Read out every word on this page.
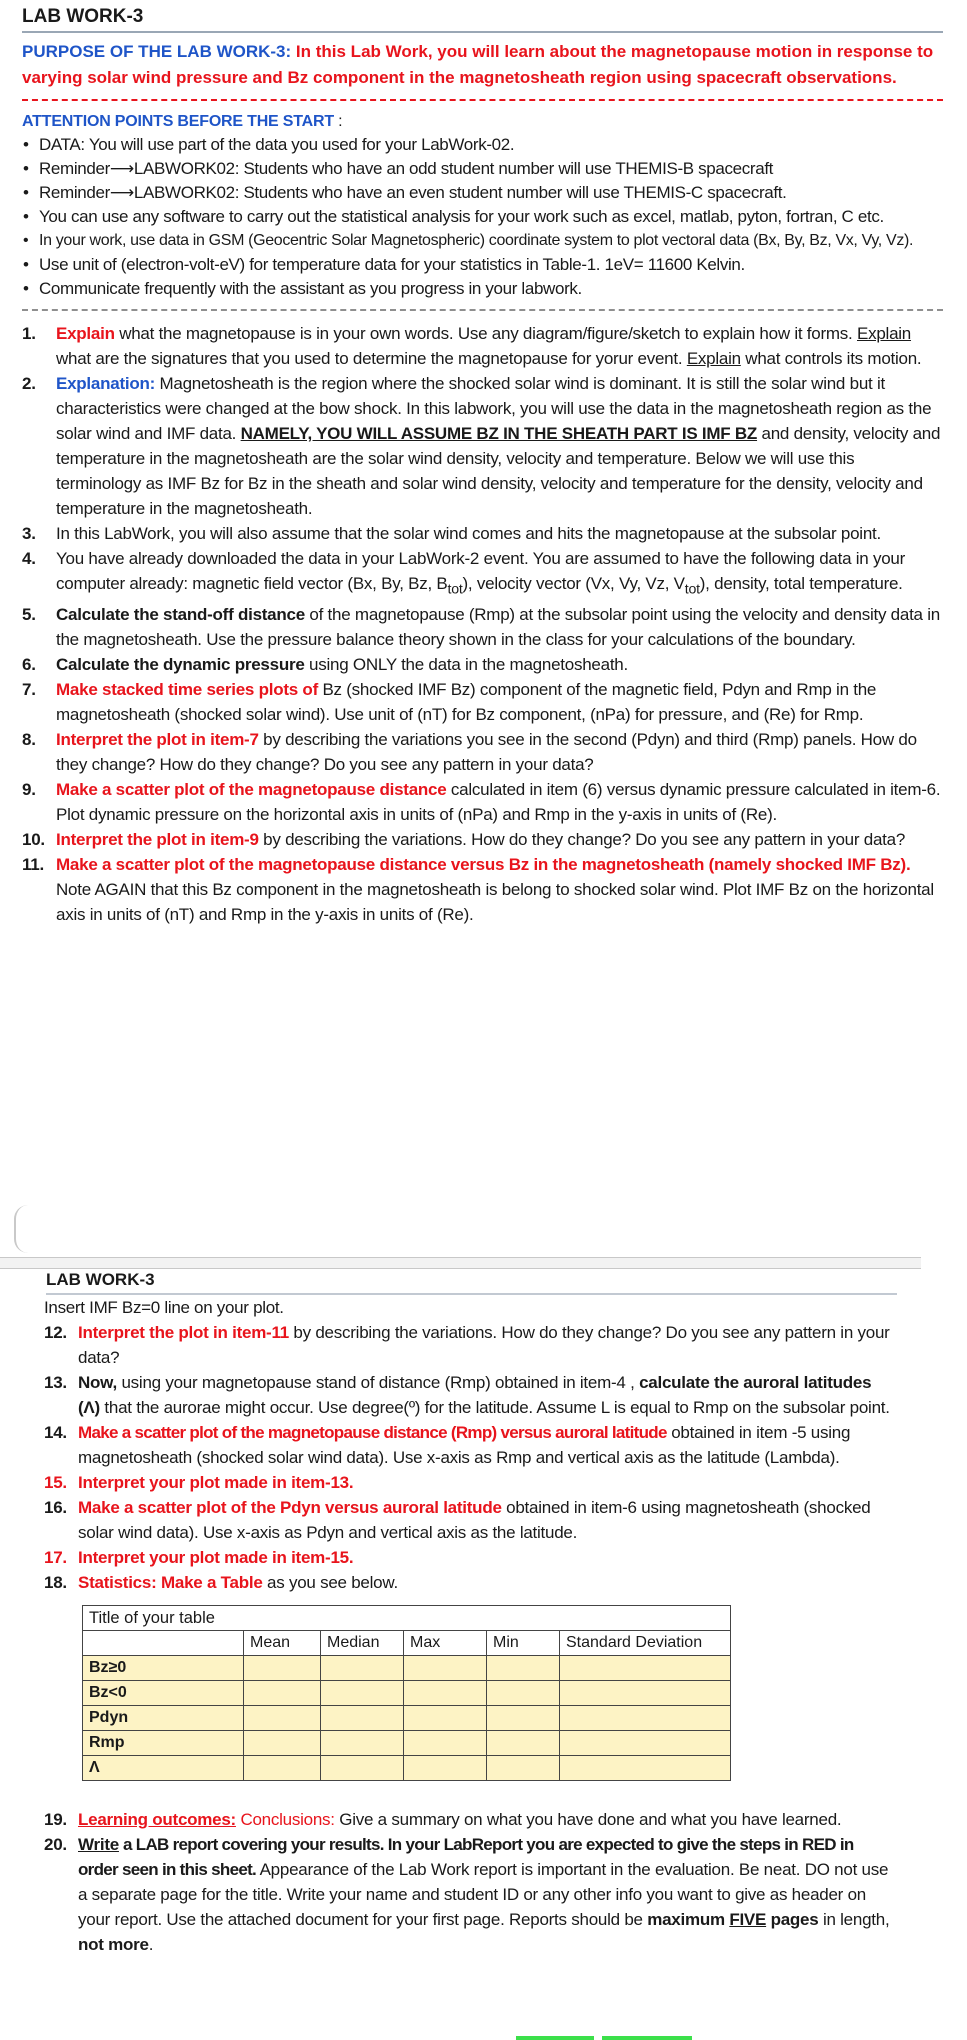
LAB WORK-3

PURPOSE OF THE LAB WORK-3: In this Lab Work, you will learn about the magnetopause motion in response to varying solar wind pressure and Bz component in the magnetosheath region using spacecraft observations.

ATTENTION POINTS BEFORE THE START :
• DATA: You will use part of the data you used for your LabWork-02.
• Reminder⟶LABWORK02: Students who have an odd student number will use THEMIS-B spacecraft
• Reminder⟶LABWORK02: Students who have an even student number will use THEMIS-C spacecraft.
• You can use any software to carry out the statistical analysis for your work such as excel, matlab, pyton, fortran, C etc.
• In your work, use data in GSM (Geocentric Solar Magnetospheric) coordinate system to plot vectoral data (Bx, By, Bz, Vx, Vy, Vz).
• Use unit of (electron-volt-eV) for temperature data for your statistics in Table-1. 1eV= 11600 Kelvin.
• Communicate frequently with the assistant as you progress in your labwork.
1. Explain what the magnetopause is in your own words. Use any diagram/figure/sketch to explain how it forms. Explain what are the signatures that you used to determine the magnetopause for yorur event. Explain what controls its motion.
2. Explanation: Magnetosheath is the region where the shocked solar wind is dominant. It is still the solar wind but it characteristics were changed at the bow shock. In this labwork, you will use the data in the magnetosheath region as the solar wind and IMF data. NAMELY, YOU WILL ASSUME BZ IN THE SHEATH PART IS IMF BZ and density, velocity and temperature in the magnetosheath are the solar wind density, velocity and temperature. Below we will use this terminology as IMF Bz for Bz in the sheath and solar wind density, velocity and temperature for the density, velocity and temperature in the magnetosheath.
3. In this LabWork, you will also assume that the solar wind comes and hits the magnetopause at the subsolar point.
4. You have already downloaded the data in your LabWork-2 event. You are assumed to have the following data in your computer already: magnetic field vector (Bx, By, Bz, $B_{tot}$), velocity vector (Vx, Vy, Vz, $V_{tot}$), density, total temperature.
5. Calculate the stand-off distance of the magnetopause (Rmp) at the subsolar point using the velocity and density data in the magnetosheath. Use the pressure balance theory shown in the class for your calculations of the boundary.
6. Calculate the dynamic pressure using ONLY the data in the magnetosheath.
7. Make stacked time series plots of Bz (shocked IMF Bz) component of the magnetic field, Pdyn and Rmp in the magnetosheath (shocked solar wind). Use unit of (nT) for Bz component, (nPa) for pressure, and (Re) for Rmp.
8. Interpret the plot in item-7 by describing the variations you see in the second (Pdyn) and third (Rmp) panels. How do they change? How do they change? Do you see any pattern in your data?
9. Make a scatter plot of the magnetopause distance calculated in item (6) versus dynamic pressure calculated in item-6. Plot dynamic pressure on the horizontal axis in units of (nPa) and Rmp in the y-axis in units of (Re).
10. Interpret the plot in item-9 by describing the variations. How do they change? Do you see any pattern in your data?
11. Make a scatter plot of the magnetopause distance versus Bz in the magnetosheath (namely shocked IMF Bz). Note AGAIN that this Bz component in the magnetosheath is belong to shocked solar wind. Plot IMF Bz on the horizontal axis in units of (nT) and Rmp in the y-axis in units of (Re).
LAB WORK-3

Insert IMF Bz=0 line on your plot.

12. Interpret the plot in item-11 by describing the variations. How do they change? Do you see any pattern in your data?
13. Now, using your magnetopause stand of distance (Rmp) obtained in item-4 , calculate the auroral latitudes (Λ) that the aurorae might occur. Use degree(º) for the latitude. Assume L is equal to Rmp on the subsolar point.
14. Make a scatter plot of the magnetopause distance (Rmp) versus auroral latitude obtained in item -5 using magnetosheath (shocked solar wind data). Use x-axis as Rmp and vertical axis as the latitude (Lambda).
15. Interpret your plot made in item-13.
16. Make a scatter plot of the Pdyn versus auroral latitude obtained in item-6 using magnetosheath (shocked solar wind data). Use x-axis as Pdyn and vertical axis as the latitude.
17. Interpret your plot made in item-15.
18. Statistics: Make a Table as you see below.
Title of your table					
	Mean	Median	Max	Min	Standard Deviation
Bz≥0					
Bz<0					
Pdyn					
Rmp					
Λ					
19. Learning outcomes: Conclusions: Give a summary on what you have done and what you have learned.
20. Write a LAB report covering your results. In your LabReport you are expected to give the steps in RED in order seen in this sheet. Appearance of the Lab Work report is important in the evaluation. Be neat. DO not use a separate page for the title. Write your name and student ID or any other info you want to give as header on your report. Use the attached document for your first page. Reports should be maximum FIVE pages in length, not more.
